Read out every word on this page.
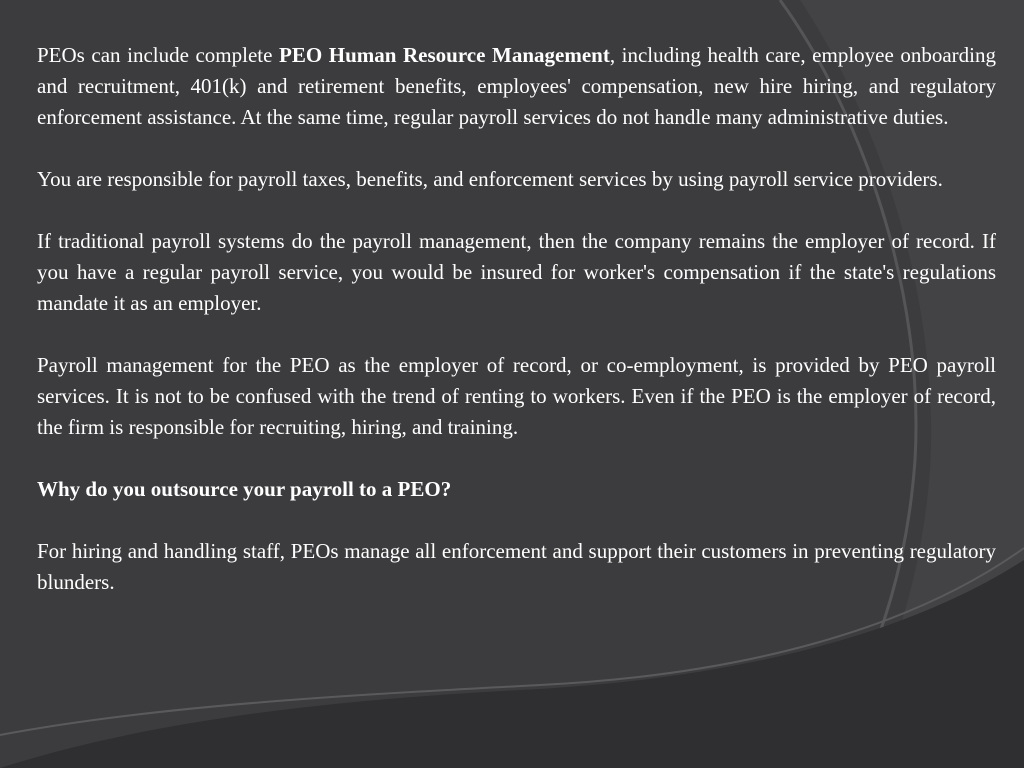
PEOs can include complete PEO Human Resource Management, including health care, employee onboarding and recruitment, 401(k) and retirement benefits, employees' compensation, new hire hiring, and regulatory enforcement assistance. At the same time, regular payroll services do not handle many administrative duties.

You are responsible for payroll taxes, benefits, and enforcement services by using payroll service providers.

If traditional payroll systems do the payroll management, then the company remains the employer of record. If you have a regular payroll service, you would be insured for worker's compensation if the state's regulations mandate it as an employer.

Payroll management for the PEO as the employer of record, or co-employment, is provided by PEO payroll services. It is not to be confused with the trend of renting to workers. Even if the PEO is the employer of record, the firm is responsible for recruiting, hiring, and training.

Why do you outsource your payroll to a PEO?

For hiring and handling staff, PEOs manage all enforcement and support their customers in preventing regulatory blunders.
